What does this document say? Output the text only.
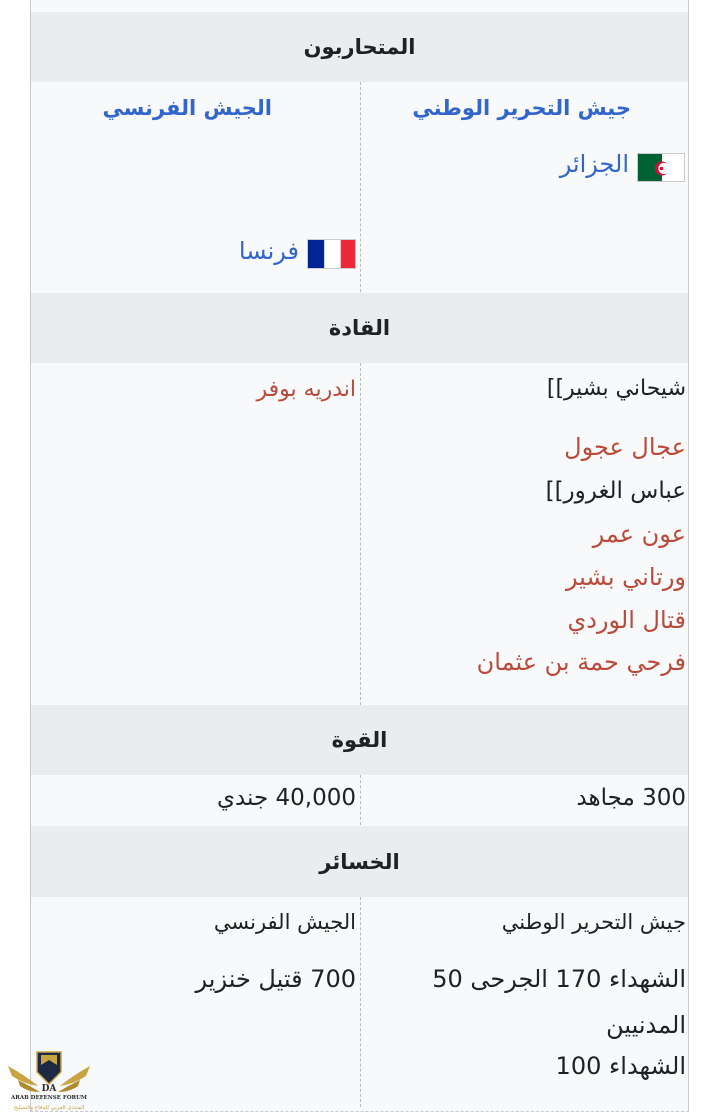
المتحاربون
جيش التحرير الوطني
الجزائر
الجيش الفرنسي
فرنسا
القادة
اندريه بوفر	شيحاني بشير]]
عجال عجول
عباس الغرور]]
عون عمر
ورتاني بشير
قتال الوردي
فرحي حمة بن عثمان
القوة
300 مجاهد
40,000 جندي
الخسائر
جيش التحرير الوطني
الشهداء 170 الجرحى 50
المدنيين
الشهداء 100
الجيش الفرنسي
700 قتيل خنزير
DA
ARAB DEFENSE FORUM
المنتدى العربي للدفاع والتسليح
